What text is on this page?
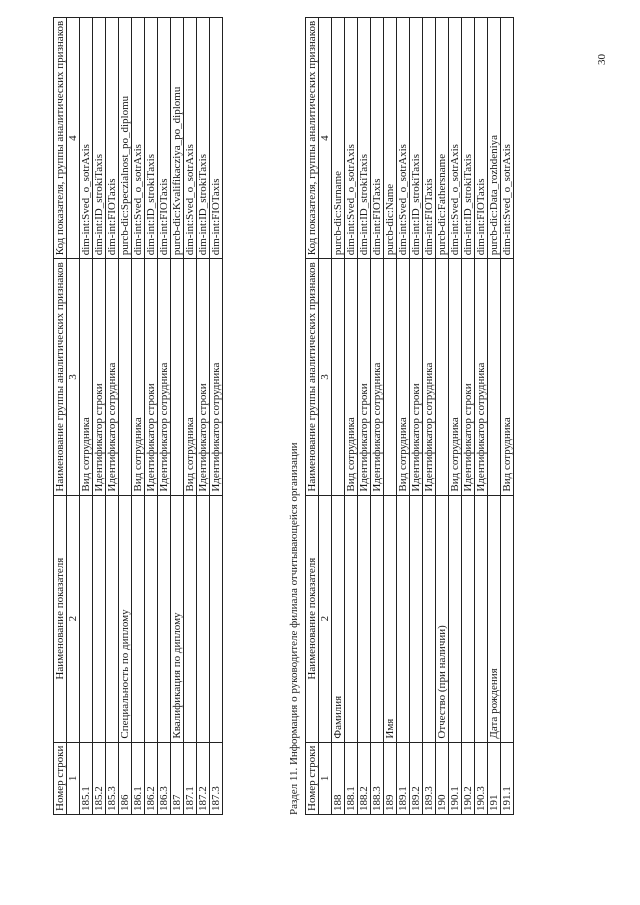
Номер строки	Наименование показателя	Наименование группы аналитических признаков	Код показателя, группы аналитических признаков
1	2	3	4
185.1		Вид сотрудника	dim-int:Sved_o_sotrAxis
185.2		Идентификатор строки	dim-int:ID_strokiTaxis
185.3		Идентификатор сотрудника	dim-int:FIOTaxis
186	Специальность по диплому		purcb-dic:Speczialnost_po_diplomu
186.1		Вид сотрудника	dim-int:Sved_o_sotrAxis
186.2		Идентификатор строки	dim-int:ID_strokiTaxis
186.3		Идентификатор сотрудника	dim-int:FIOTaxis
187	Квалификация по диплому		purcb-dic:Kvalifikacziya_po_diplomu
187.1		Вид сотрудника	dim-int:Sved_o_sotrAxis
187.2		Идентификатор строки	dim-int:ID_strokiTaxis
187.3		Идентификатор сотрудника	dim-int:FIOTaxis
Раздел 11. Информация о руководителе филиала отчитывающейся организации Номер строки	Наименование показателя	Наименование группы аналитических признаков	Код показателя, группы аналитических признаков
1	2	3	4
188	Фамилия		purcb-dic:Surname
188.1		Вид сотрудника	dim-int:Sved_o_sotrAxis
188.2		Идентификатор строки	dim-int:ID_strokiTaxis
188.3		Идентификатор сотрудника	dim-int:FIOTaxis
189	Имя		purcb-dic:Name
189.1		Вид сотрудника	dim-int:Sved_o_sotrAxis
189.2		Идентификатор строки	dim-int:ID_strokiTaxis
189.3		Идентификатор сотрудника	dim-int:FIOTaxis
190	Отчество (при наличии)		purcb-dic:Fathersname
190.1		Вид сотрудника	dim-int:Sved_o_sotrAxis
190.2		Идентификатор строки	dim-int:ID_strokiTaxis
190.3		Идентификатор сотрудника	dim-int:FIOTaxis
191	Дата рождения		purcb-dic:Data_rozhdeniya
191.1		Вид сотрудника	dim-int:Sved_o_sotrAxis
30
